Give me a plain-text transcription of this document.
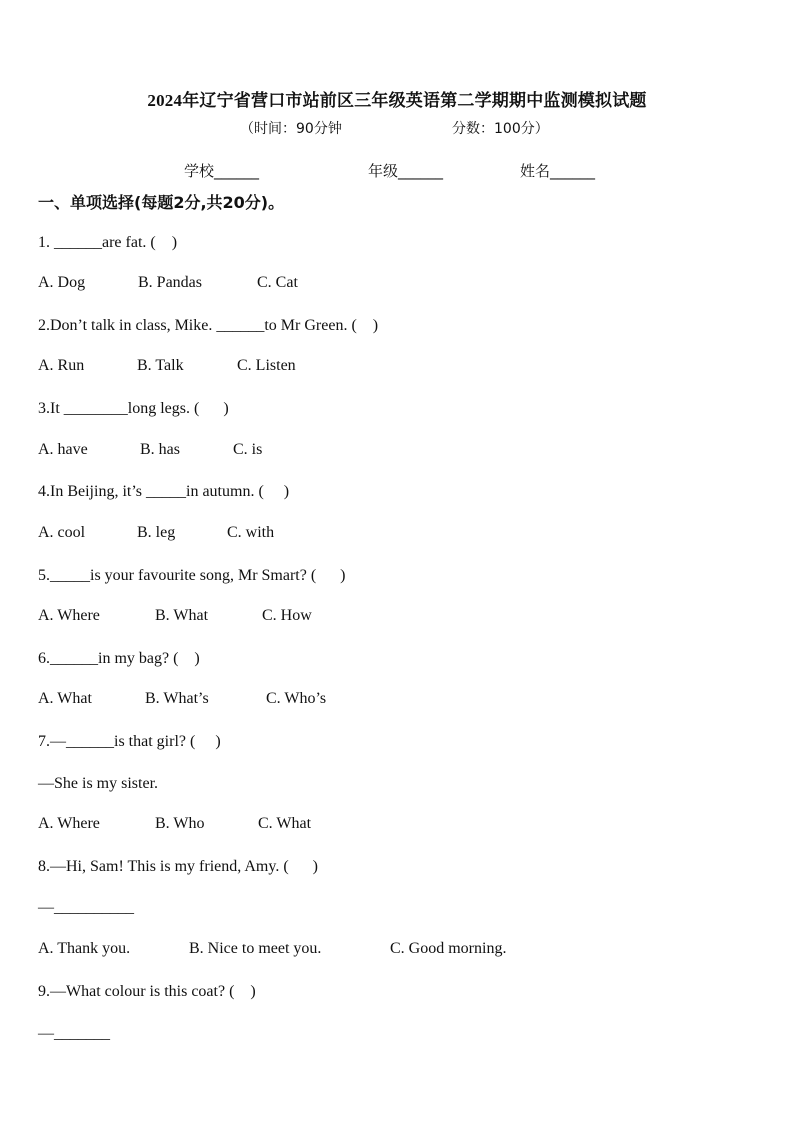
2024年辽宁省营口市站前区三年级英语第二学期期中监测模拟试题
（时间：90分钟	分数：100分）
学校______	年级______	姓名______
一、单项选择(每题2分,共20分)。
1. ______are fat. (    )
A. Dog	B. Pandas	C. Cat
2.Don’t talk in class, Mike. ______to Mr Green. (    )
A. Run	B. Talk	C. Listen
3.It ________long legs. (      )
A. have	B. has	C. is
4.In Beijing, it’s _____in autumn. (     )
A. cool	B. leg	C. with
5._____is your favourite song, Mr Smart? (      )
A. Where	B. What	C. How
6.______in my bag? (    )
A. What	B. What’s	C. Who’s
7.—______is that girl? (     )
—She is my sister.
A. Where	B. Who	C. What
8.—Hi, Sam! This is my friend, Amy. (      )
—__________
A. Thank you.	B. Nice to meet you.	C. Good morning.
9.—What colour is this coat? (    )
—_______
